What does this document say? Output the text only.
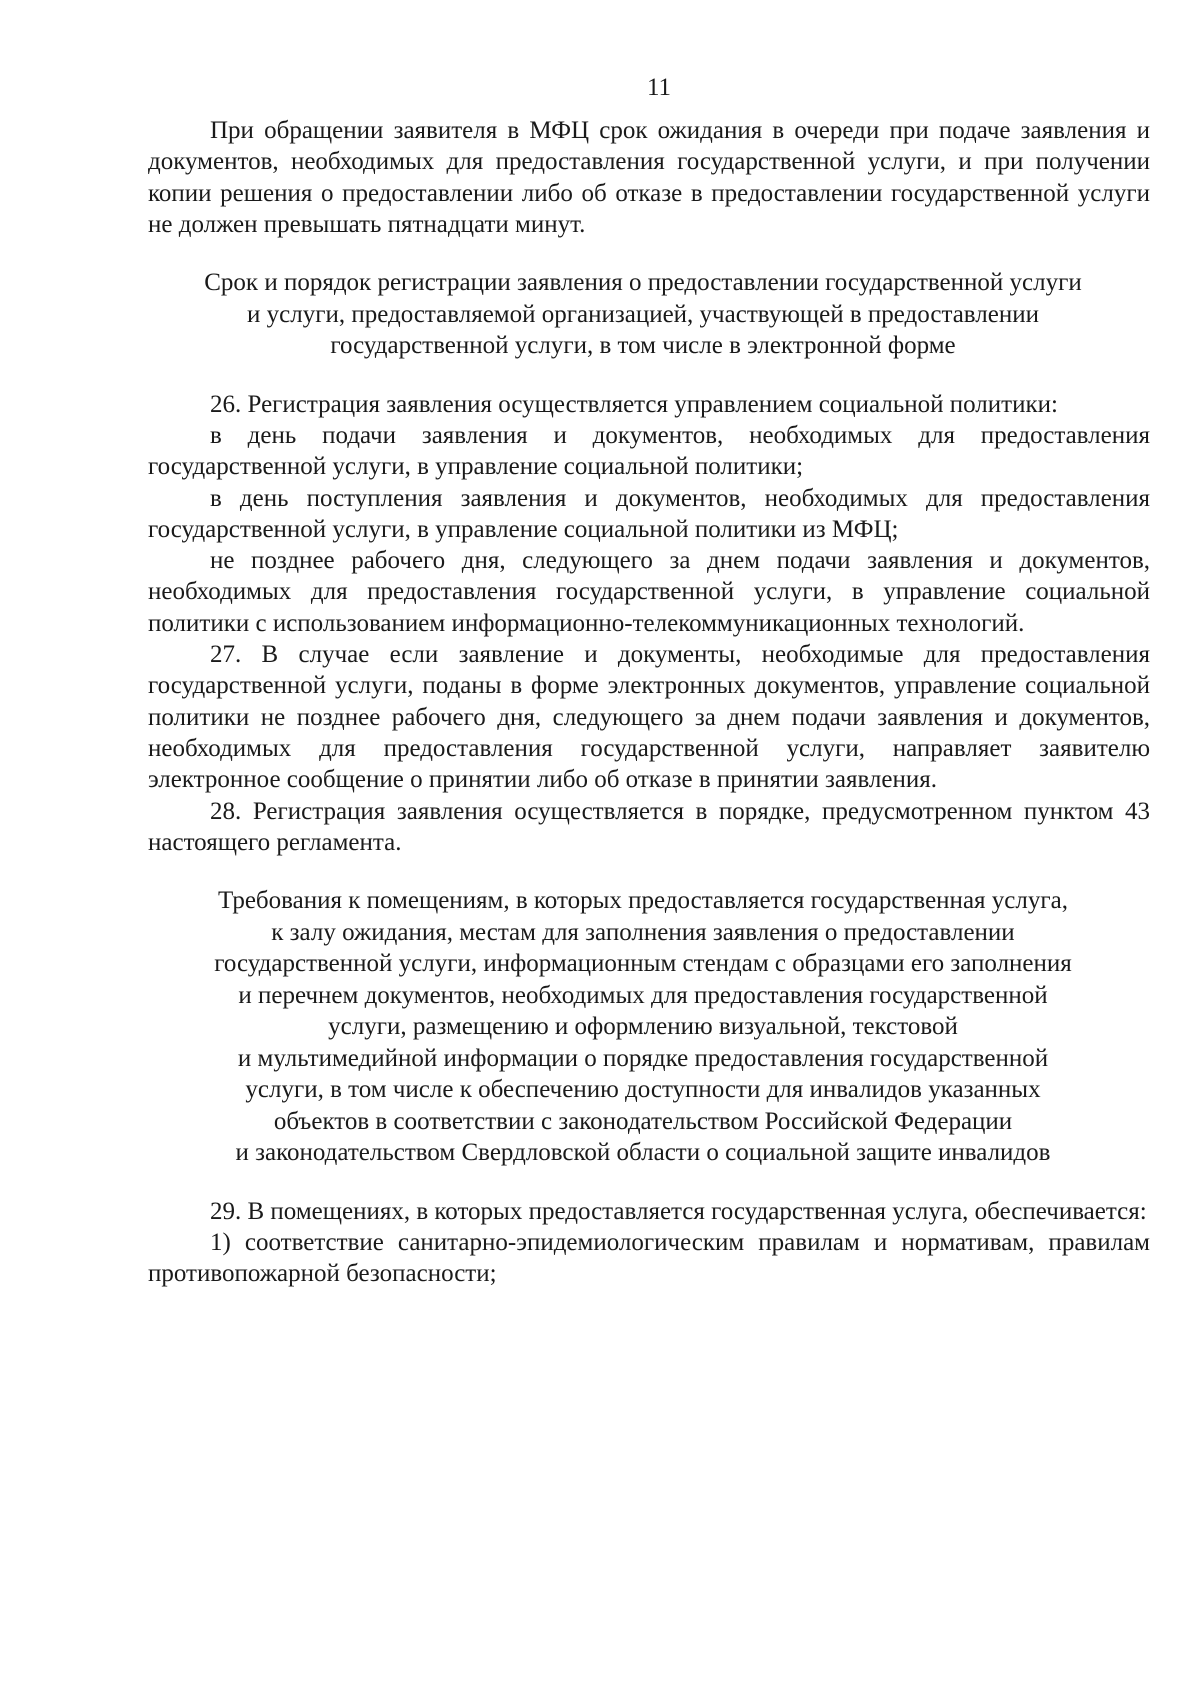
11

При обращении заявителя в МФЦ срок ожидания в очереди при подаче заявления и документов, необходимых для предоставления государственной услуги, и при получении копии решения о предоставлении либо об отказе в предоставлении государственной услуги не должен превышать пятнадцати минут.

Срок и порядок регистрации заявления о предоставлении государственной услуги
и услуги, предоставляемой организацией, участвующей в предоставлении
государственной услуги, в том числе в электронной форме

26. Регистрация заявления осуществляется управлением социальной политики:

в день подачи заявления и документов, необходимых для предоставления государственной услуги, в управление социальной политики;

в день поступления заявления и документов, необходимых для предоставления государственной услуги, в управление социальной политики из МФЦ;

не позднее рабочего дня, следующего за днем подачи заявления и документов, необходимых для предоставления государственной услуги, в управление социальной политики с использованием информационно-телекоммуникационных технологий.

27. В случае если заявление и документы, необходимые для предоставления государственной услуги, поданы в форме электронных документов, управление социальной политики не позднее рабочего дня, следующего за днем подачи заявления и документов, необходимых для предоставления государственной услуги, направляет заявителю электронное сообщение о принятии либо об отказе в принятии заявления.

28. Регистрация заявления осуществляется в порядке, предусмотренном пунктом 43 настоящего регламента.

Требования к помещениям, в которых предоставляется государственная услуга,
к залу ожидания, местам для заполнения заявления о предоставлении
государственной услуги, информационным стендам с образцами его заполнения
и перечнем документов, необходимых для предоставления государственной
услуги, размещению и оформлению визуальной, текстовой
и мультимедийной информации о порядке предоставления государственной
услуги, в том числе к обеспечению доступности для инвалидов указанных
объектов в соответствии с законодательством Российской Федерации
и законодательством Свердловской области о социальной защите инвалидов

29. В помещениях, в которых предоставляется государственная услуга, обеспечивается:

1) соответствие санитарно-эпидемиологическим правилам и нормативам, правилам противопожарной безопасности;
